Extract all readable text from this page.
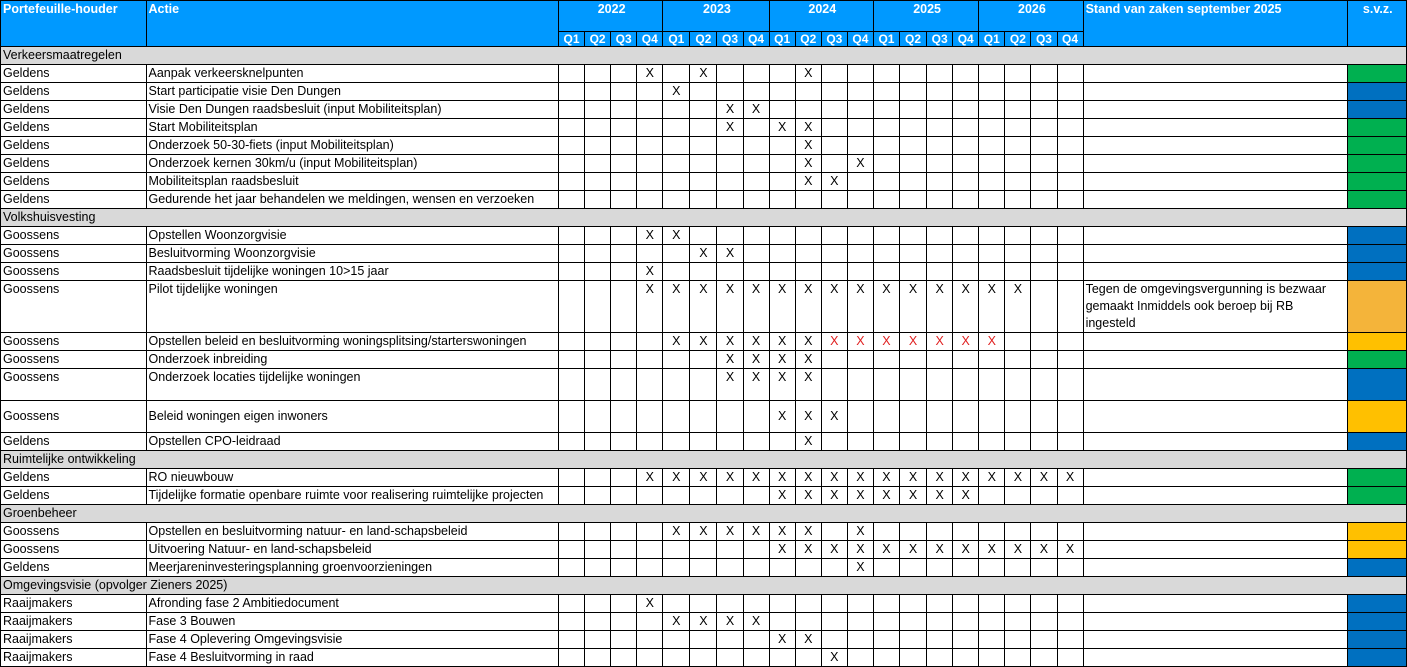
Portefeuille-houder	Actie	2022				2023				2024				2025				2026				Stand van zaken september 2025	s.v.z.
		Q1	Q2	Q3	Q4	Q1	Q2	Q3	Q4	Q1	Q2	Q3	Q4	Q1	Q2	Q3	Q4	Q1	Q2	Q3	Q4		
Verkeersmaatregelen																							
Geldens	Aanpak verkeersknelpunten				X		X				X												
Geldens	Start participatie visie Den Dungen					X																	
Geldens	Visie Den Dungen raadsbesluit (input Mobiliteitsplan)							X	X														
Geldens	Start Mobiliteitsplan							X		X	X												
Geldens	Onderzoek 50-30-fiets (input Mobiliteitsplan)										X												
Geldens	Onderzoek kernen 30km/u (input Mobiliteitsplan)										X		X										
Geldens	Mobiliteitsplan raadsbesluit										X	X											
Geldens	Gedurende het jaar behandelen we meldingen, wensen en verzoeken																						
Volkshuisvesting																							
Goossens	Opstellen Woonzorgvisie				X	X																	
Goossens	Besluitvorming Woonzorgvisie						X	X															
Goossens	Raadsbesluit tijdelijke woningen 10>15 jaar				X																		
Goossens	Pilot tijdelijke woningen				X	X	X	X	X	X	X	X	X	X	X	X	X	X	X			Tegen de omgevingsvergunning is bezwaar gemaakt Inmiddels ook beroep bij RB ingesteld	
Goossens	Opstellen beleid en besluitvorming woningsplitsing/starterswoningen					X	X	X	X	X	X	X	X	X	X	X	X	X					
Goossens	Onderzoek inbreiding							X	X	X	X												
Goossens	Onderzoek locaties tijdelijke woningen							X	X	X	X												
Goossens	Beleid woningen eigen inwoners									X	X	X											
Geldens	Opstellen CPO-leidraad										X												
Ruimtelijke ontwikkeling																							
Geldens	RO nieuwbouw				X	X	X	X	X	X	X	X	X	X	X	X	X	X	X	X	X		
Geldens	Tijdelijke formatie openbare ruimte voor realisering ruimtelijke projecten									X	X	X	X	X	X	X	X						
Groenbeheer																							
Goossens	Opstellen en besluitvorming natuur- en land-schapsbeleid					X	X	X	X	X	X		X										
Goossens	Uitvoering Natuur- en land-schapsbeleid									X	X	X	X	X	X	X	X	X	X	X	X		
Geldens	Meerjareninvesteringsplanning groenvoorzieningen												X										
Omgevingsvisie (opvolger Zieners 2025)																							
Raaijmakers	Afronding fase 2 Ambitiedocument				X																		
Raaijmakers	Fase 3 Bouwen					X	X	X	X														
Raaijmakers	Fase 4 Oplevering Omgevingsvisie									X	X												
Raaijmakers	Fase 4 Besluitvorming in raad											X											
